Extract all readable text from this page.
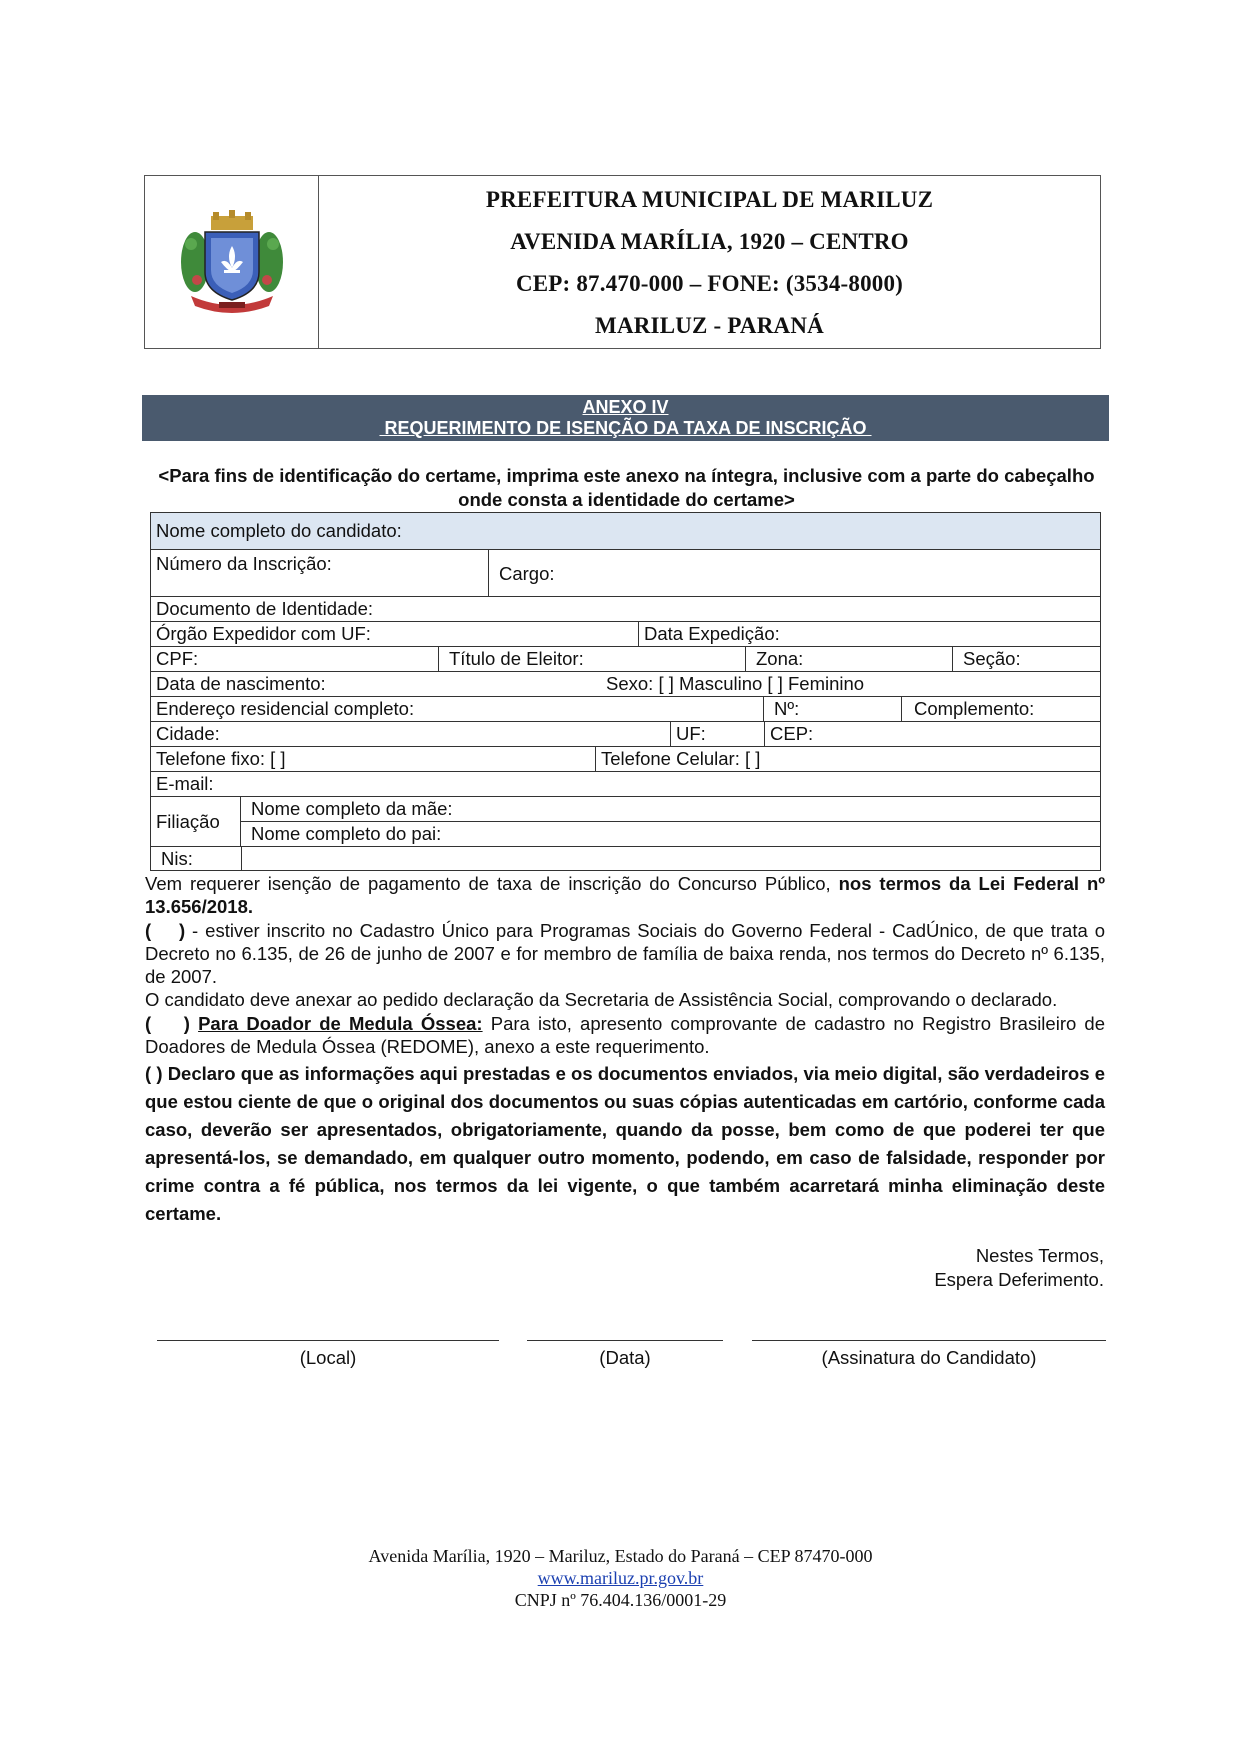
PREFEITURA MUNICIPAL DE MARILUZ
AVENIDA MARÍLIA, 1920 – CENTRO
CEP: 87.470-000 – FONE: (3534-8000)
MARILUZ - PARANÁ
ANEXO IV
REQUERIMENTO DE ISENÇÃO DA TAXA DE INSCRIÇÃO
<Para fins de identificação do certame, imprima este anexo na íntegra, inclusive com a parte do cabeçalho onde consta a identidade do certame>
Nome completo do candidato:
Número da Inscrição:	Cargo:
Documento de Identidade:
Órgão Expedidor com UF:	Data Expedição:
CPF:	Título de Eleitor:	Zona:	Seção:
Data de nascimento:	Sexo: [ ] Masculino [ ] Feminino
Endereço residencial completo:	Nº:	Complemento:
Cidade:	UF:	CEP:
Telefone fixo: [ ]	Telefone Celular: [ ]
E-mail:
Filiação
Nome completo da mãe:
Nome completo do pai:
Nis:

Vem requerer isenção de pagamento de taxa de inscrição do Concurso Público, nos termos da Lei Federal nº 13.656/2018.

(    ) - estiver inscrito no Cadastro Único para Programas Sociais do Governo Federal - CadÚnico, de que trata o Decreto no 6.135, de 26 de junho de 2007 e for membro de família de baixa renda, nos termos do Decreto nº 6.135, de 2007.

O candidato deve anexar ao pedido declaração da Secretaria de Assistência Social, comprovando o declarado.

(    ) Para Doador de Medula Óssea: Para isto, apresento comprovante de cadastro no Registro Brasileiro de Doadores de Medula Óssea (REDOME), anexo a este requerimento.

( ) Declaro que as informações aqui prestadas e os documentos enviados, via meio digital, são verdadeiros e que estou ciente de que o original dos documentos ou suas cópias autenticadas em cartório, conforme cada caso, deverão ser apresentados, obrigatoriamente, quando da posse, bem como de que poderei ter que apresentá-los, se demandado, em qualquer outro momento, podendo, em caso de falsidade, responder por crime contra a fé pública, nos termos da lei vigente, o que também acarretará minha eliminação deste certame.

Nestes Termos,
Espera Deferimento.
(Local)	(Data)	(Assinatura do Candidato)
Avenida Marília, 1920 – Mariluz, Estado do Paraná – CEP 87470-000
www.mariluz.pr.gov.br
CNPJ nº 76.404.136/0001-29
